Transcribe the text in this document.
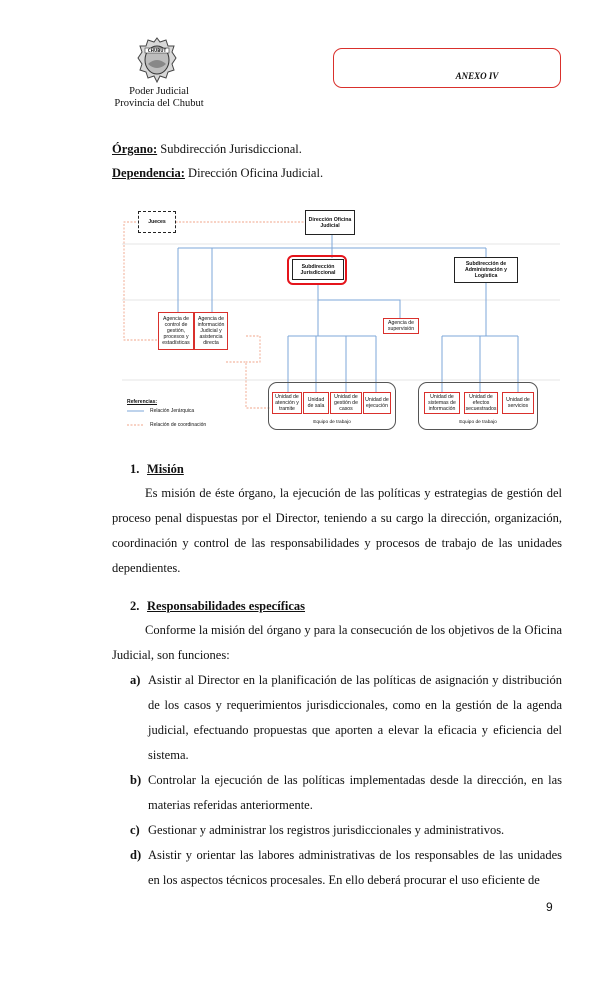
CHUBUT
Poder Judicial
Provincia del Chubut
ANEXO IV
Órgano: Subdirección Jurisdiccional.
Dependencia: Dirección Oficina Judicial.
Jueces	Dirección Oficina Judicial
Subdirección Jurisdiccional
Subdirección de Administración y Logística
Agencia de control de gestión, procesos y estadísticas
Agencia de información Judicial y asistencia directa
Agencia de supervisión
Unidad de atención y tramite
Unidad de sala
Unidad de gestión de casos
Unidad de ejecución
Equipo de trabajo
Unidad de sistemas de información
Unidad de efectos secuestrados
Unidad de servicios
Equipo de trabajo
Referencias:
Relación Jerárquica
Relación de coordinación
1. Misión
Es misión de éste órgano, la ejecución de las políticas y estrategias de gestión del proceso penal dispuestas por el Director, teniendo a su cargo la dirección, organización, coordinación y control de las responsabilidades y procesos de trabajo de las unidades dependientes.
2. Responsabilidades específicas
Conforme la misión del órgano y para la consecución de los objetivos de la Oficina Judicial, son funciones:
a) Asistir al Director en la planificación de las políticas de asignación y distribución de los casos y requerimientos jurisdiccionales, como en la gestión de la agenda judicial, efectuando propuestas que aporten a elevar la eficacia y eficiencia del sistema.
b) Controlar la ejecución de las políticas implementadas desde la dirección, en las materias referidas anteriormente.
c) Gestionar y administrar los registros jurisdiccionales y administrativos.
d) Asistir y orientar las labores administrativas de los responsables de las unidades en los aspectos técnicos procesales. En ello deberá procurar el uso eficiente de
9
